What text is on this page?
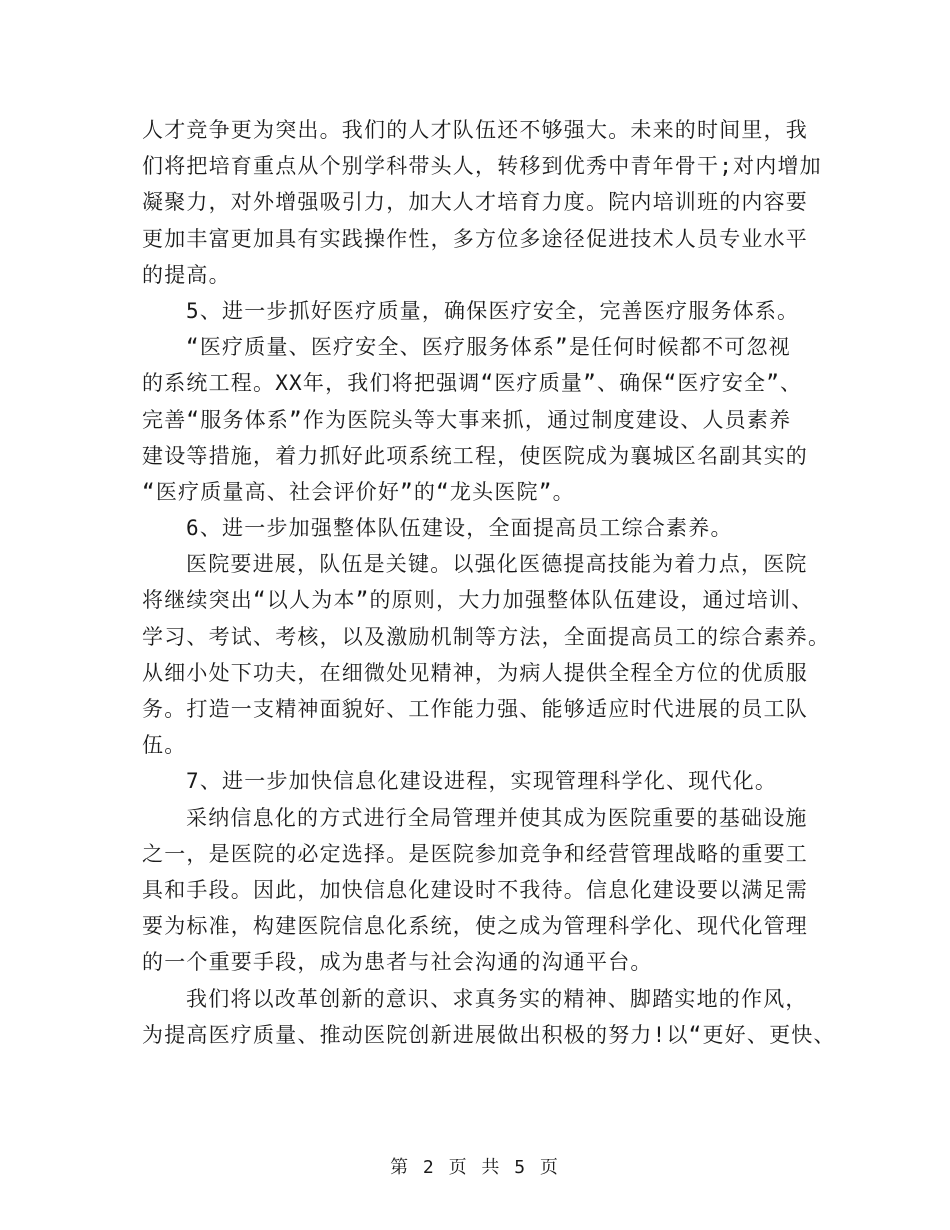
人才竞争更为突出。我们的人才队伍还不够强大。未来的时间里，我
们将把培育重点从个别学科带头人，转移到优秀中青年骨干;对内增加
凝聚力，对外增强吸引力，加大人才培育力度。院内培训班的内容要
更加丰富更加具有实践操作性，多方位多途径促进技术人员专业水平
的提高。
5、进一步抓好医疗质量，确保医疗安全，完善医疗服务体系。
“医疗质量、医疗安全、医疗服务体系”是任何时候都不可忽视
的系统工程。XX年，我们将把强调“医疗质量”、确保“医疗安全”、
完善“服务体系”作为医院头等大事来抓，通过制度建设、人员素养
建设等措施，着力抓好此项系统工程，使医院成为襄城区名副其实的
“医疗质量高、社会评价好”的“龙头医院”。
6、进一步加强整体队伍建设，全面提高员工综合素养。
医院要进展，队伍是关键。以强化医德提高技能为着力点，医院
将继续突出“以人为本”的原则，大力加强整体队伍建设，通过培训、
学习、考试、考核，以及激励机制等方法，全面提高员工的综合素养。
从细小处下功夫，在细微处见精神，为病人提供全程全方位的优质服
务。打造一支精神面貌好、工作能力强、能够适应时代进展的员工队
伍。
7、进一步加快信息化建设进程，实现管理科学化、现代化。
采纳信息化的方式进行全局管理并使其成为医院重要的基础设施
之一，是医院的必定选择。是医院参加竞争和经营管理战略的重要工
具和手段。因此，加快信息化建设时不我待。信息化建设要以满足需
要为标准，构建医院信息化系统，使之成为管理科学化、现代化管理
的一个重要手段，成为患者与社会沟通的沟通平台。
我们将以改革创新的意识、求真务实的精神、脚踏实地的作风，
为提高医疗质量、推动医院创新进展做出积极的努力!以“更好、更快、
第 2 页 共 5 页
